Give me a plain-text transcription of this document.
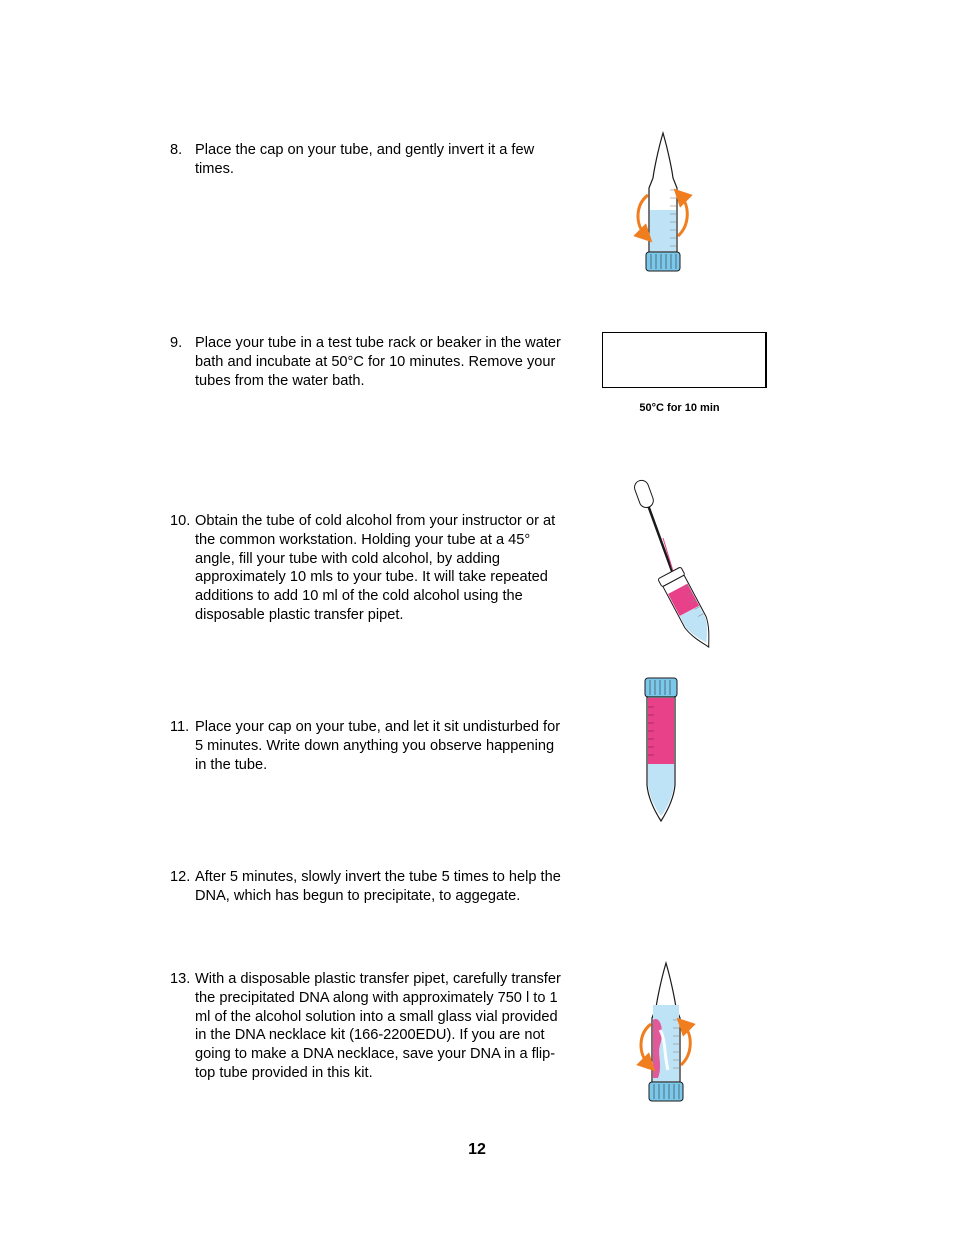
8. Place the cap on your tube, and gently invert it a few times.
9. Place your tube in a test tube rack or beaker in the water bath and incubate at 50°C for 10 minutes. Remove your tubes from the water bath.
10. Obtain the tube of cold alcohol from your instructor or at the common workstation. Holding your tube at a 45° angle, fill your tube with cold alcohol, by adding approximately 10 mls to your tube. It will take repeated additions to add 10 ml of the cold alcohol using the disposable plastic transfer pipet.
11. Place your cap on your tube, and let it sit undisturbed for 5 minutes. Write down anything you observe happening in the tube.
12. After 5 minutes, slowly invert the tube 5 times to help the DNA, which has begun to precipitate, to aggegate.
13. With a disposable plastic transfer pipet, carefully transfer the precipitated DNA along with approximately 750 l to 1 ml of the alcohol solution into a small glass vial provided in the DNA necklace kit (166-2200EDU). If you are not going to make a DNA necklace, save your DNA in a flip-top tube provided in this kit.
50°C for 10 min
12
